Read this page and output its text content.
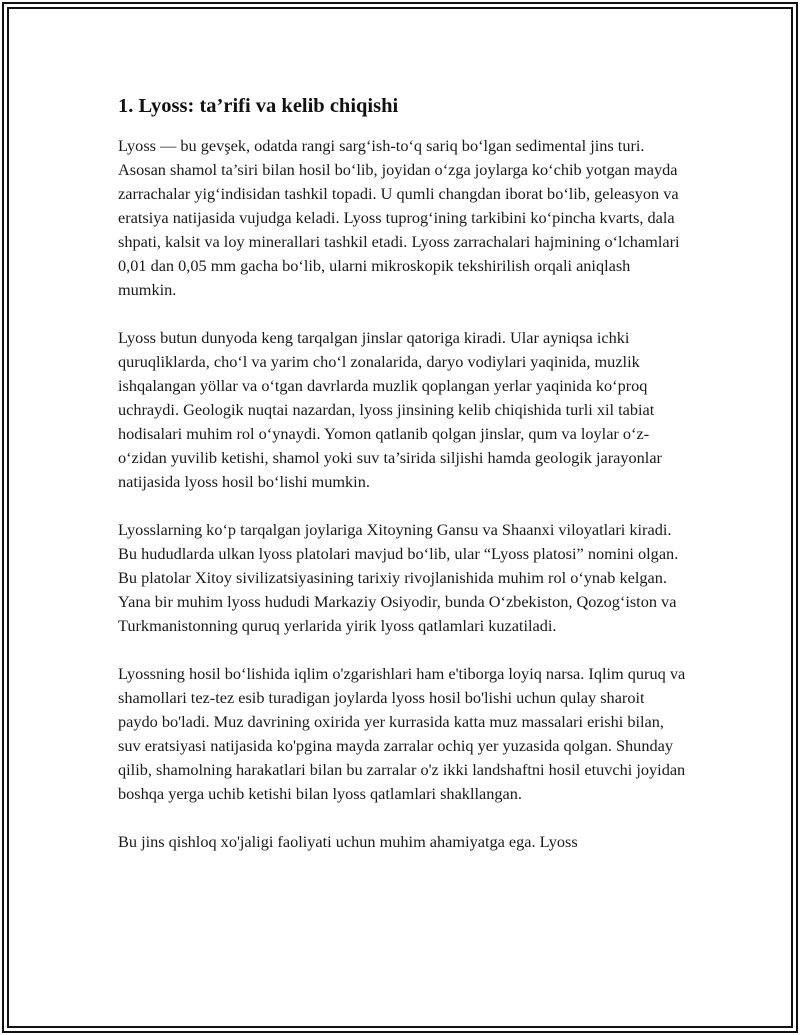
1. Lyoss: ta’rifi va kelib chiqishi

Lyoss — bu gevşek, odatda rangi sarg‘ish-to‘q sariq bo‘lgan sedimental jins turi. Asosan shamol ta’siri bilan hosil bo‘lib, joyidan o‘zga joylarga ko‘chib yotgan mayda zarrachalar yig‘indisidan tashkil topadi. U qumli changdan iborat bo‘lib, geleasyon va eratsiya natijasida vujudga keladi. Lyoss tuprog‘ining tarkibini ko‘pincha kvarts, dala shpati, kalsit va loy minerallari tashkil etadi. Lyoss zarrachalari hajmining o‘lchamlari 0,01 dan 0,05 mm gacha bo‘lib, ularni mikroskopik tekshirilish orqali aniqlash mumkin.

Lyoss butun dunyoda keng tarqalgan jinslar qatoriga kiradi. Ular ayniqsa ichki quruqliklarda, cho‘l va yarim cho‘l zonalarida, daryo vodiylari yaqinida, muzlik ishqalangan yöllar va o‘tgan davrlarda muzlik qoplangan yerlar yaqinida ko‘proq uchraydi. Geologik nuqtai nazardan, lyoss jinsining kelib chiqishida turli xil tabiat hodisalari muhim rol o‘ynaydi. Yomon qatlanib qolgan jinslar, qum va loylar o‘z-o‘zidan yuvilib ketishi, shamol yoki suv ta’sirida siljishi hamda geologik jarayonlar natijasida lyoss hosil bo‘lishi mumkin.

Lyosslarning ko‘p tarqalgan joylariga Xitoyning Gansu va Shaanxi viloyatlari kiradi. Bu hududlarda ulkan lyoss platolari mavjud bo‘lib, ular “Lyoss platosi” nomini olgan. Bu platolar Xitoy sivilizatsiyasining tarixiy rivojlanishida muhim rol o‘ynab kelgan. Yana bir muhim lyoss hududi Markaziy Osiyodir, bunda O‘zbekiston, Qozog‘iston va Turkmanistonning quruq yerlarida yirik lyoss qatlamlari kuzatiladi.

Lyossning hosil bo‘lishida iqlim o'zgarishlari ham e'tiborga loyiq narsa. Iqlim quruq va shamollari tez-tez esib turadigan joylarda lyoss hosil bo'lishi uchun qulay sharoit paydo bo'ladi. Muz davrining oxirida yer kurrasida katta muz massalari erishi bilan, suv eratsiyasi natijasida ko'pgina mayda zarralar ochiq yer yuzasida qolgan. Shunday qilib, shamolning harakatlari bilan bu zarralar o'z ikki landshaftni hosil etuvchi joyidan boshqa yerga uchib ketishi bilan lyoss qatlamlari shakllangan.

Bu jins qishloq xo'jaligi faoliyati uchun muhim ahamiyatga ega. Lyoss
